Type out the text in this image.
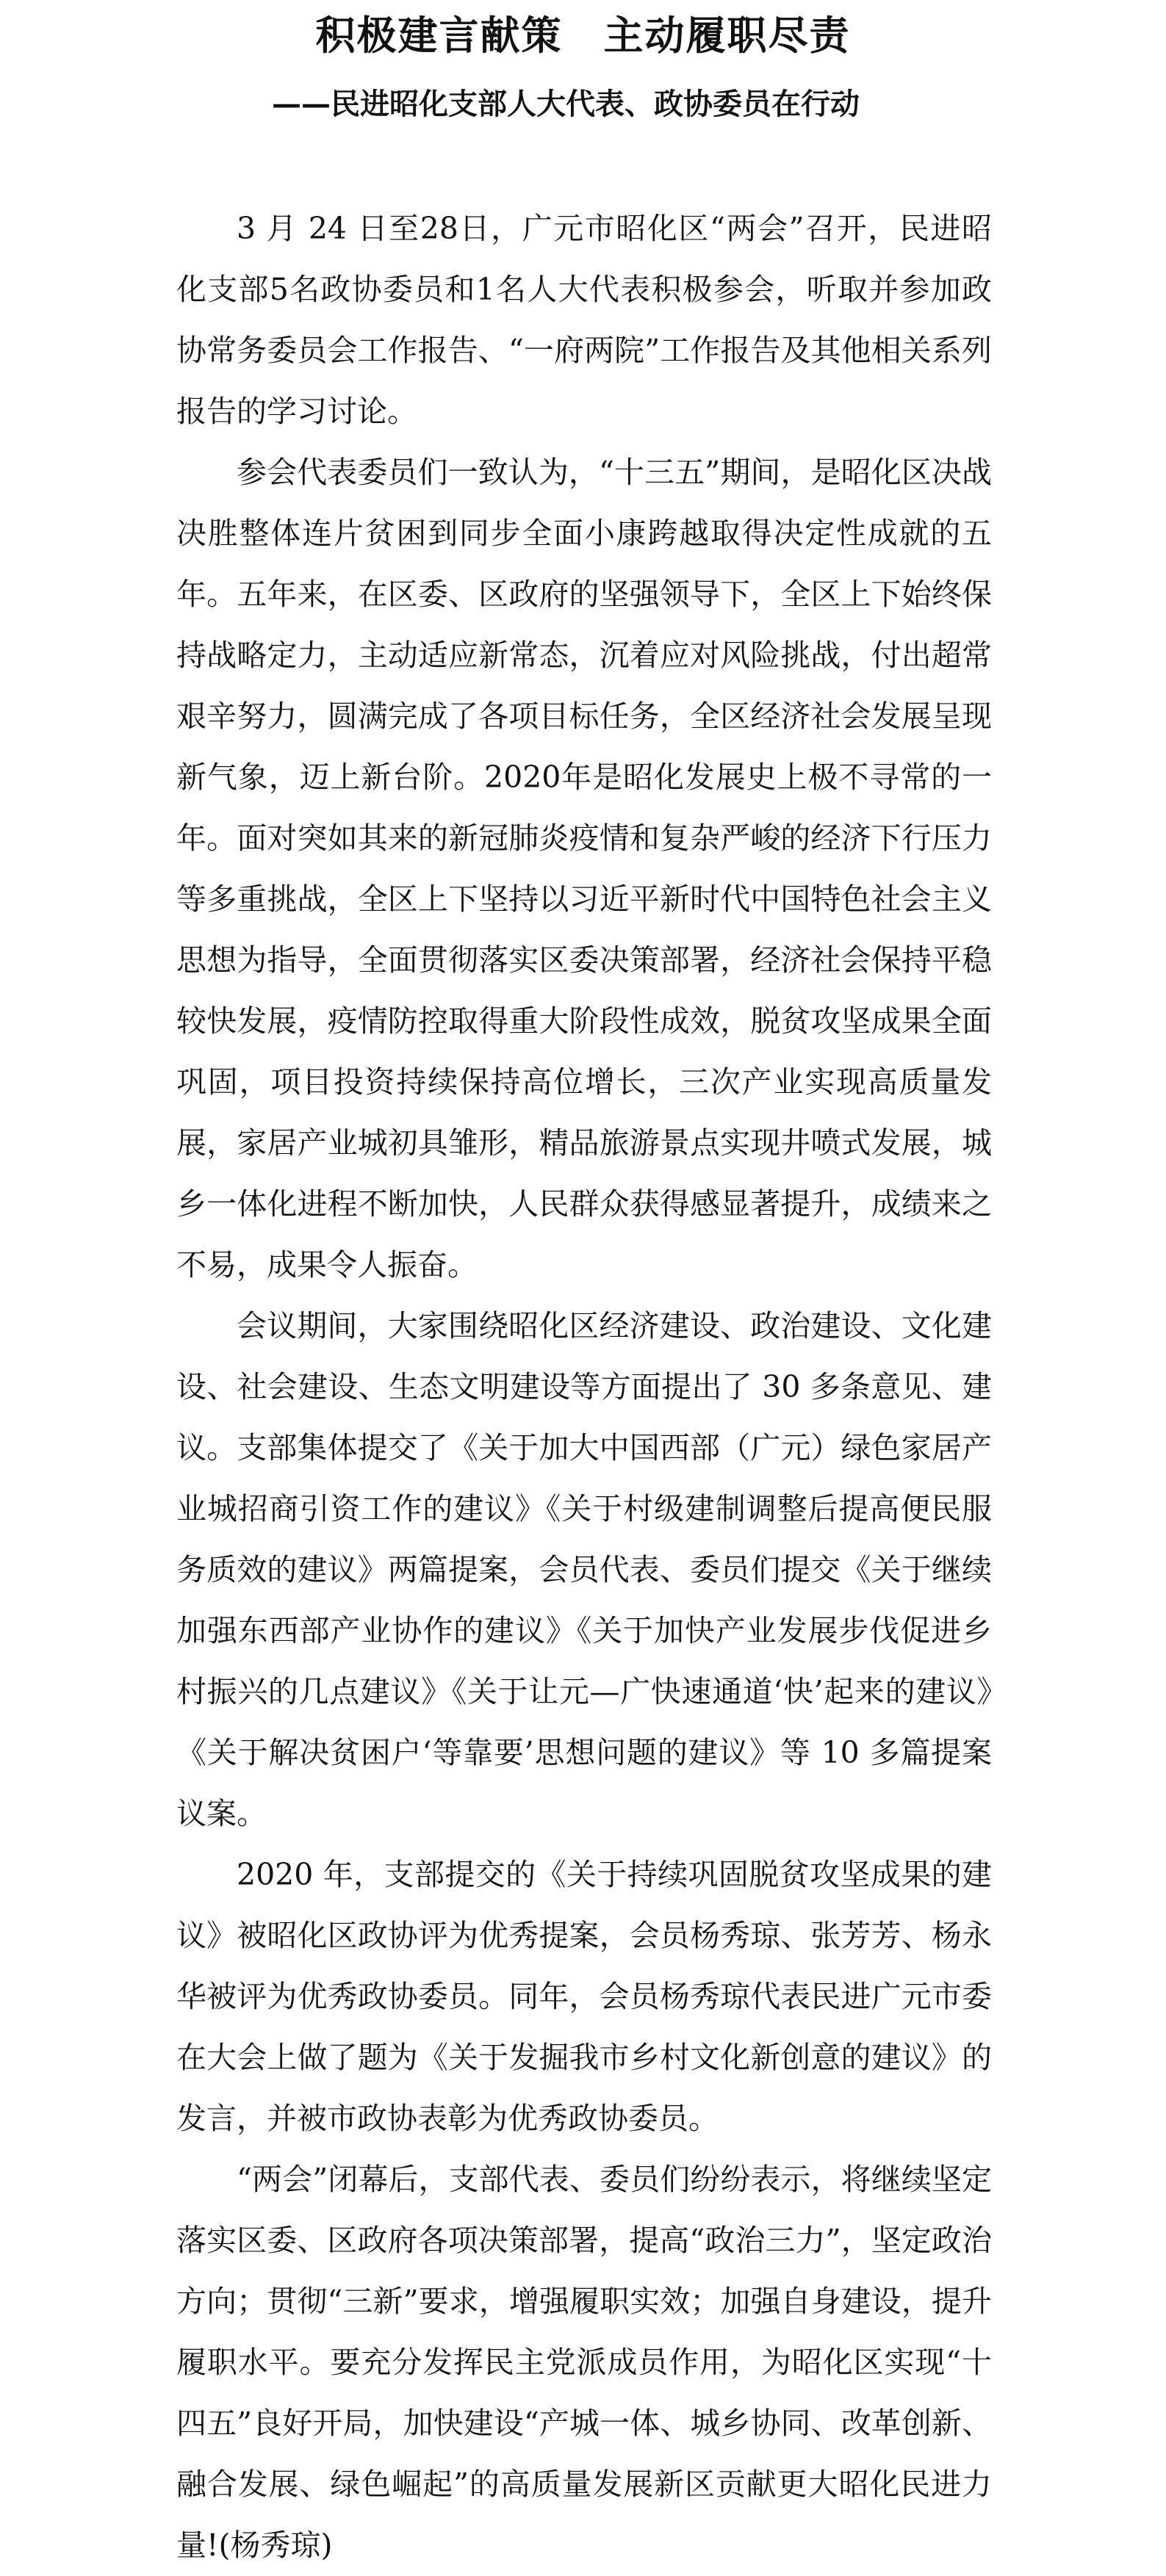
积极建言献策　主动履职尽责
——民进昭化支部人大代表、政协委员在行动

3 月 24 日至28日，广元市昭化区“两会”召开，民进昭化支部5名政协委员和1名人大代表积极参会，听取并参加政协常务委员会工作报告、“一府两院”工作报告及其他相关系列报告的学习讨论。

参会代表委员们一致认为，“十三五”期间，是昭化区决战决胜整体连片贫困到同步全面小康跨越取得决定性成就的五年。五年来，在区委、区政府的坚强领导下，全区上下始终保持战略定力，主动适应新常态，沉着应对风险挑战，付出超常艰辛努力，圆满完成了各项目标任务，全区经济社会发展呈现新气象，迈上新台阶。2020年是昭化发展史上极不寻常的一年。面对突如其来的新冠肺炎疫情和复杂严峻的经济下行压力等多重挑战，全区上下坚持以习近平新时代中国特色社会主义思想为指导，全面贯彻落实区委决策部署，经济社会保持平稳较快发展，疫情防控取得重大阶段性成效，脱贫攻坚成果全面巩固，项目投资持续保持高位增长，三次产业实现高质量发展，家居产业城初具雏形，精品旅游景点实现井喷式发展，城乡一体化进程不断加快，人民群众获得感显著提升，成绩来之不易，成果令人振奋。

会议期间，大家围绕昭化区经济建设、政治建设、文化建设、社会建设、生态文明建设等方面提出了 30 多条意见、建议。支部集体提交了《关于加大中国西部（广元）绿色家居产业城招商引资工作的建议》《关于村级建制调整后提高便民服务质效的建议》两篇提案，会员代表、委员们提交《关于继续加强东西部产业协作的建议》《关于加快产业发展步伐促进乡村振兴的几点建议》《关于让元—广快速通道‘快’起来的建议》《关于解决贫困户‘等靠要’思想问题的建议》等 10 多篇提案议案。

2020 年，支部提交的《关于持续巩固脱贫攻坚成果的建议》被昭化区政协评为优秀提案，会员杨秀琼、张芳芳、杨永华被评为优秀政协委员。同年，会员杨秀琼代表民进广元市委在大会上做了题为《关于发掘我市乡村文化新创意的建议》的发言，并被市政协表彰为优秀政协委员。

“两会”闭幕后，支部代表、委员们纷纷表示，将继续坚定落实区委、区政府各项决策部署，提高“政治三力”，坚定政治方向；贯彻“三新”要求，增强履职实效；加强自身建设，提升履职水平。要充分发挥民主党派成员作用，为昭化区实现“十四五”良好开局，加快建设“产城一体、城乡协同、改革创新、融合发展、绿色崛起”的高质量发展新区贡献更大昭化民进力量!(杨秀琼)
